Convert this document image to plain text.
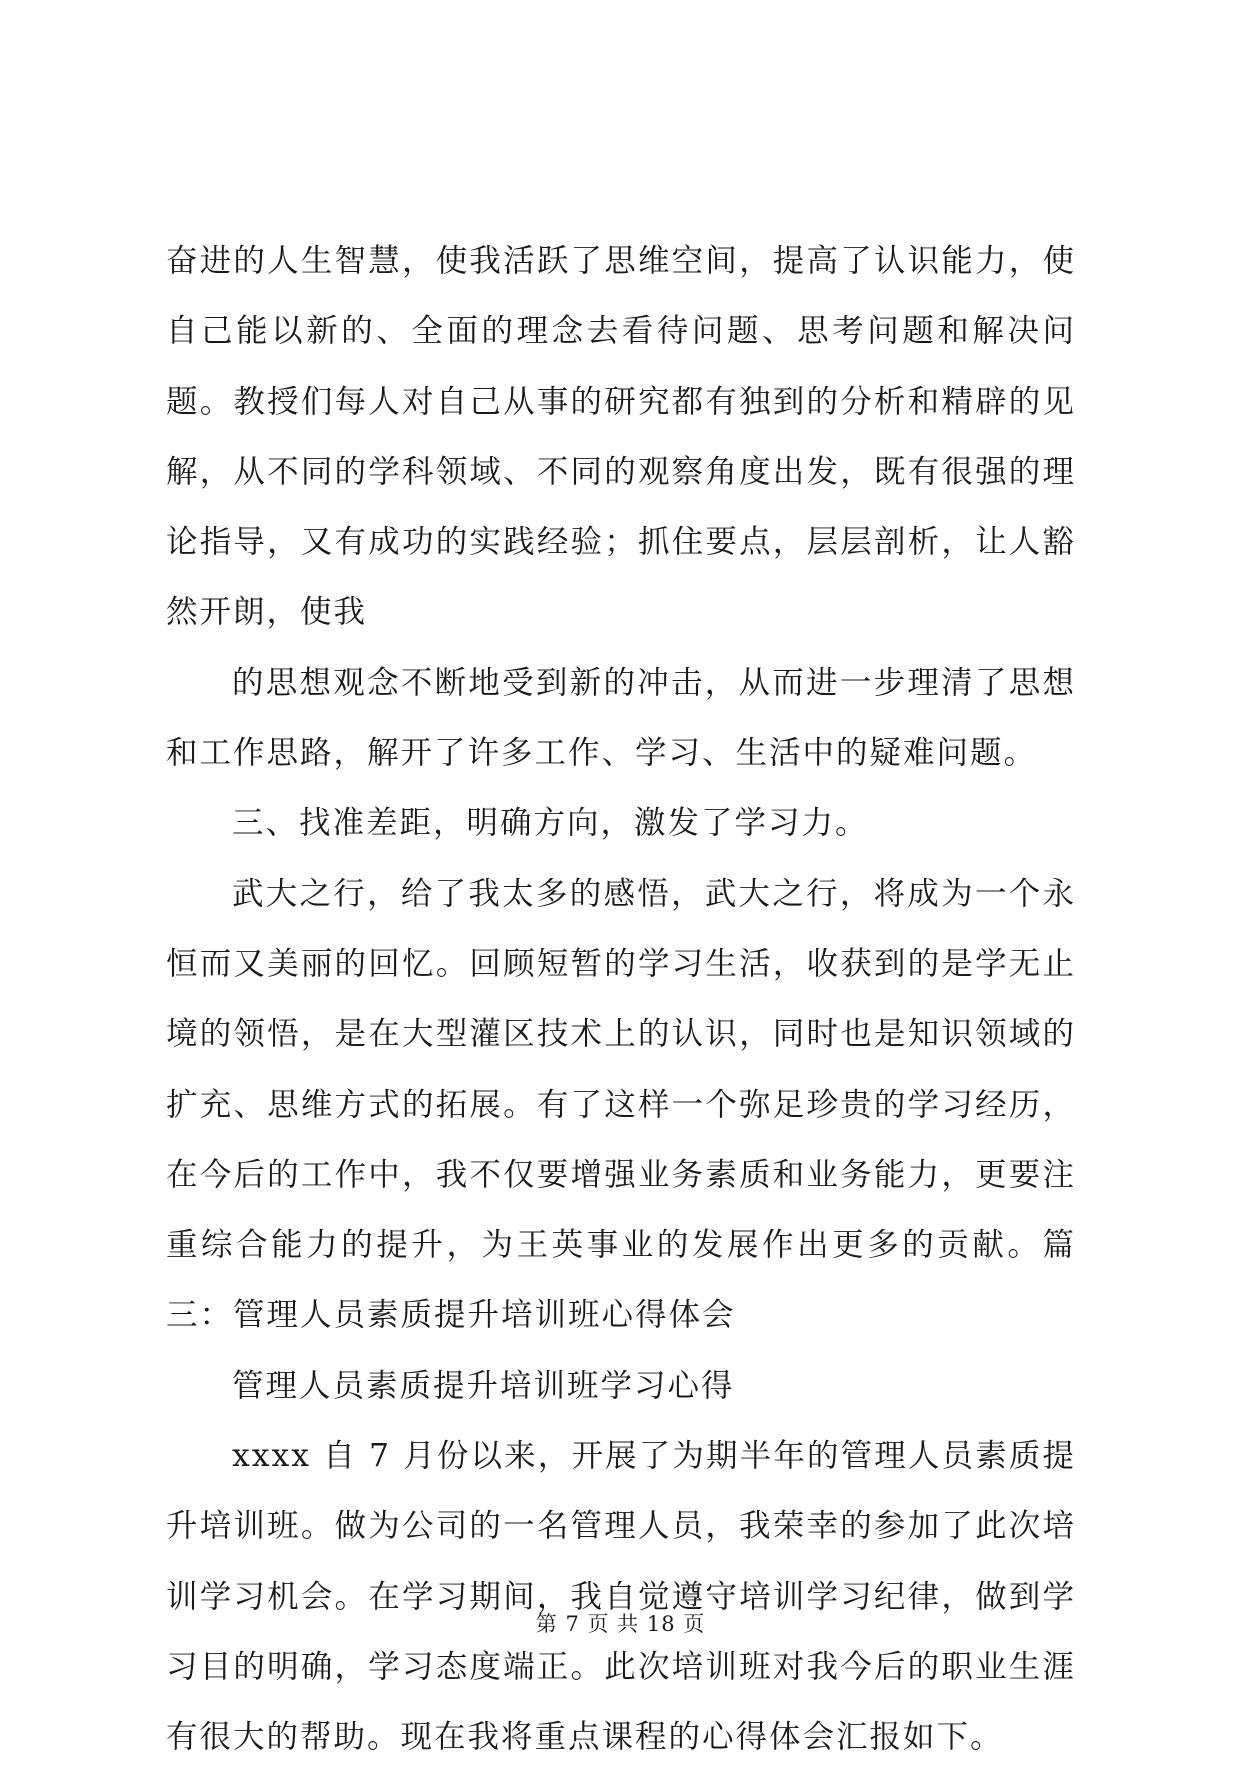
奋进的人生智慧，使我活跃了思维空间，提高了认识能力，使自己能以新的、全面的理念去看待问题、思考问题和解决问题。教授们每人对自己从事的研究都有独到的分析和精辟的见解，从不同的学科领域、不同的观察角度出发，既有很强的理论指导，又有成功的实践经验；抓住要点，层层剖析，让人豁然开朗，使我

的思想观念不断地受到新的冲击，从而进一步理清了思想和工作思路，解开了许多工作、学习、生活中的疑难问题。

三、找准差距，明确方向，激发了学习力。

武大之行，给了我太多的感悟，武大之行，将成为一个永恒而又美丽的回忆。回顾短暂的学习生活，收获到的是学无止境的领悟，是在大型灌区技术上的认识，同时也是知识领域的扩充、思维方式的拓展。有了这样一个弥足珍贵的学习经历，在今后的工作中，我不仅要增强业务素质和业务能力，更要注重综合能力的提升，为王英事业的发展作出更多的贡献。篇三：管理人员素质提升培训班心得体会

管理人员素质提升培训班学习心得

xxxx 自 7 月份以来，开展了为期半年的管理人员素质提升培训班。做为公司的一名管理人员，我荣幸的参加了此次培训学习机会。在学习期间，我自觉遵守培训学习纪律，做到学习目的明确，学习态度端正。此次培训班对我今后的职业生涯有很大的帮助。现在我将重点课程的心得体会汇报如下。

第 7 页 共 18 页
